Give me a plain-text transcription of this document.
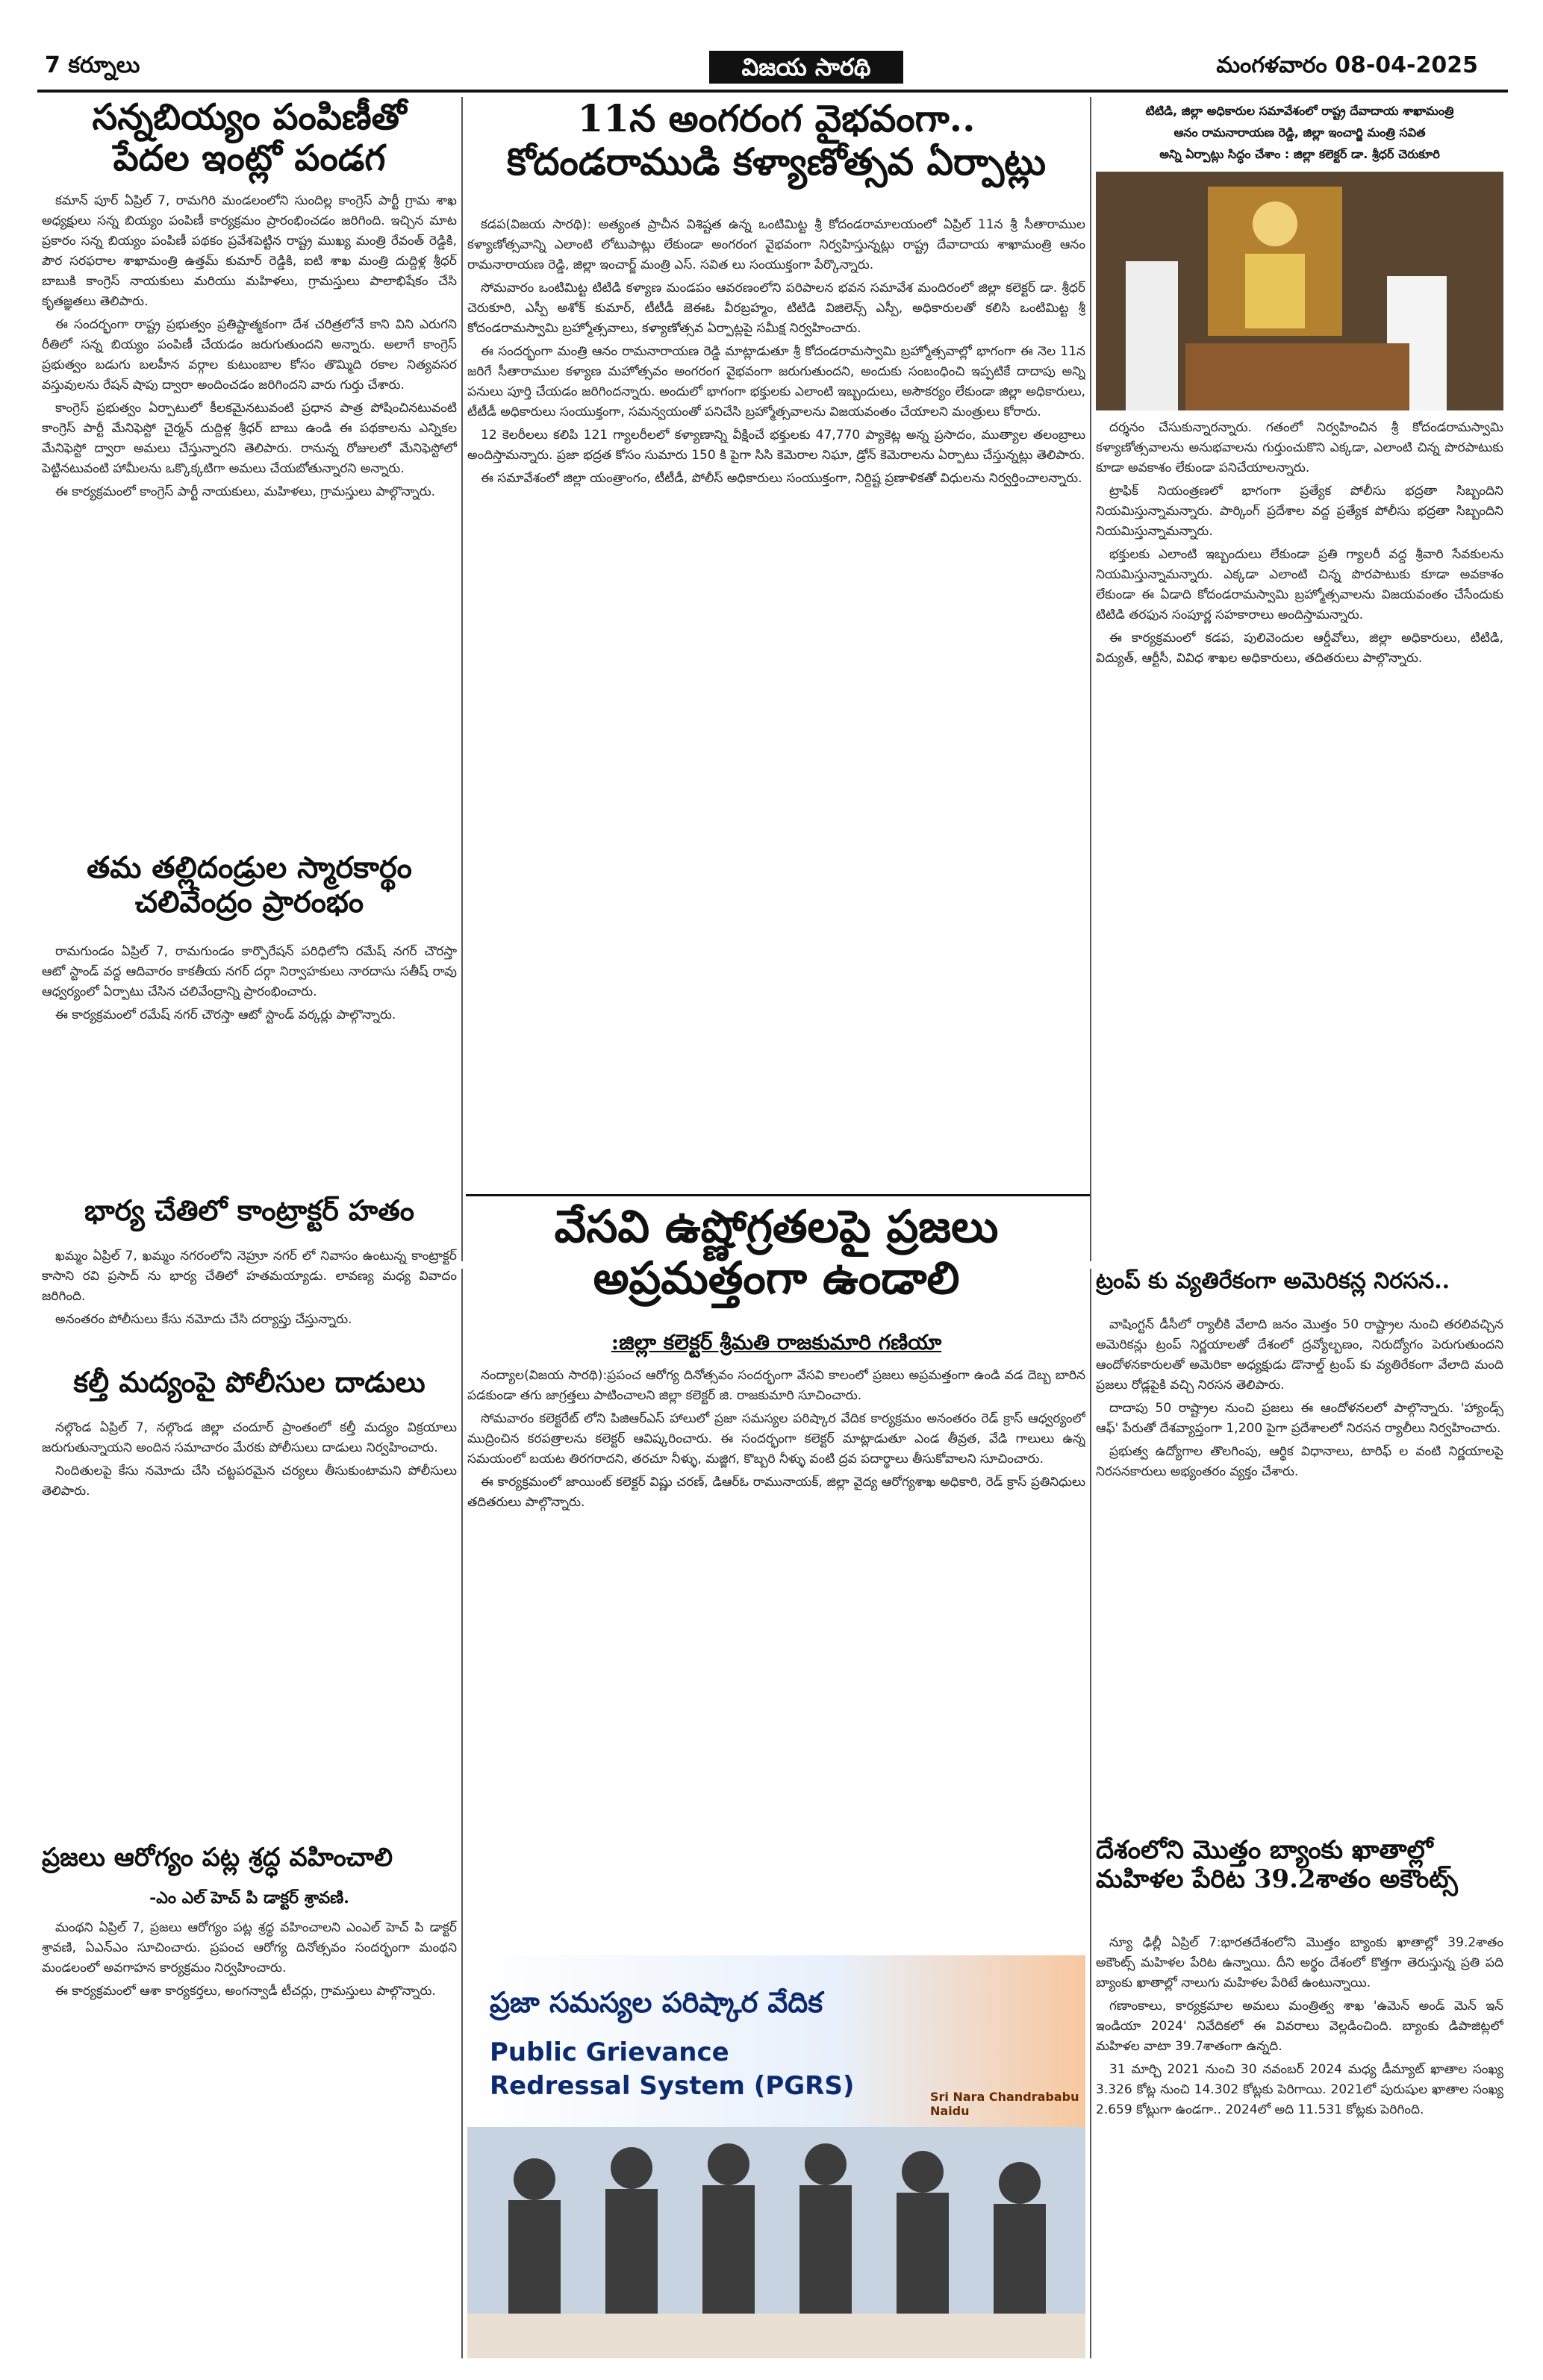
7 కర్నూలు	విజయ సారథి	మంగళవారం 08-04-2025
సన్నబియ్యం పంపిణీతో
పేదల ఇంట్లో పండగ

కమాన్ పూర్ ఏప్రిల్ 7, రామగిరి మండలంలోని సుందిల్ల కాంగ్రెస్ పార్టీ గ్రామ శాఖ అధ్యక్షులు సన్న బియ్యం పంపిణీ కార్యక్రమం ప్రారంభించడం జరిగింది. ఇచ్చిన మాట ప్రకారం సన్న బియ్యం పంపిణీ పథకం ప్రవేశపెట్టిన రాష్ట్ర ముఖ్య మంత్రి రేవంత్ రెడ్డికి, పౌర సరఫరాల శాఖామంత్రి ఉత్తమ్ కుమార్ రెడ్డికి, ఐటి శాఖ మంత్రి దుద్దిళ్ల శ్రీధర్ బాబుకి కాంగ్రెస్ నాయకులు మరియు మహిళలు, గ్రామస్తులు పాలాభిషేకం చేసి కృతజ్ఞతలు తెలిపారు.

ఈ సందర్భంగా రాష్ట్ర ప్రభుత్వం ప్రతిష్టాత్మకంగా దేశ చరిత్రలోనే కాని విని ఎరుగని రీతిలో సన్న బియ్యం పంపిణీ చేయడం జరుగుతుందని అన్నారు. అలాగే కాంగ్రెస్ ప్రభుత్వం బడుగు బలహీన వర్గాల కుటుంబాల కోసం తొమ్మిది రకాల నిత్యవసర వస్తువులను రేషన్ షాపు ద్వారా అందించడం జరిగిందని వారు గుర్తు చేశారు.

కాంగ్రెస్ ప్రభుత్వం ఏర్పాటులో కీలకమైనటువంటి ప్రధాన పాత్ర పోషించినటువంటి కాంగ్రెస్ పార్టీ మేనిఫెస్టో చైర్మన్ దుద్దిళ్ల శ్రీధర్ బాబు ఉండి ఈ పథకాలను ఎన్నికల మేనిఫెస్టో ద్వారా అమలు చేస్తున్నారని తెలిపారు. రానున్న రోజులలో మేనిఫెస్టోలో పెట్టినటువంటి హామీలను ఒక్కొక్కటిగా అమలు చేయబోతున్నారని అన్నారు.

ఈ కార్యక్రమంలో కాంగ్రెస్ పార్టీ నాయకులు, మహిళలు, గ్రామస్తులు పాల్గొన్నారు.

తమ తల్లిదండ్రుల స్మారకార్థం
చలివేంద్రం ప్రారంభం

రామగుండం ఏప్రిల్ 7, రామగుండం కార్పొరేషన్ పరిధిలోని రమేష్ నగర్ చౌరస్తా ఆటో స్టాండ్ వద్ద ఆదివారం కాకతీయ నగర్ దర్గా నిర్వాహకులు నారదాసు సతీష్ రావు ఆధ్వర్యంలో ఏర్పాటు చేసిన చలివేంద్రాన్ని ప్రారంభించారు.

ఈ కార్యక్రమంలో రమేష్ నగర్ చౌరస్తా ఆటో స్టాండ్ వర్కర్లు పాల్గొన్నారు.

భార్య చేతిలో కాంట్రాక్టర్ హతం

ఖమ్మం ఏప్రిల్ 7, ఖమ్మం నగరంలోని నెహ్రూ నగర్ లో నివాసం ఉంటున్న కాంట్రాక్టర్ కాసాని రవి ప్రసాద్ ను భార్య చేతిలో హతమయ్యాడు. లావణ్య మధ్య వివాదం జరిగింది.

అనంతరం పోలీసులు కేసు నమోదు చేసి దర్యాప్తు చేస్తున్నారు.

కల్తీ మద్యంపై పోలీసుల దాడులు

నల్గొండ ఏప్రిల్ 7, నల్గొండ జిల్లా చందూర్ ప్రాంతంలో కల్తీ మద్యం విక్రయాలు జరుగుతున్నాయని అందిన సమాచారం మేరకు పోలీసులు దాడులు నిర్వహించారు.

నిందితులపై కేసు నమోదు చేసి చట్టపరమైన చర్యలు తీసుకుంటామని పోలీసులు తెలిపారు.

ప్రజలు ఆరోగ్యం పట్ల శ్రద్ధ వహించాలి
-ఎం ఎల్ హెచ్ పి డాక్టర్ శ్రావణి.

మంథని ఏప్రిల్ 7, ప్రజలు ఆరోగ్యం పట్ల శ్రద్ధ వహించాలని ఎంఎల్ హెచ్ పి డాక్టర్ శ్రావణి, ఏఎన్ఎం సూచించారు. ప్రపంచ ఆరోగ్య దినోత్సవం సందర్భంగా మంథని మండలంలో అవగాహన కార్యక్రమం నిర్వహించారు.

ఈ కార్యక్రమంలో ఆశా కార్యకర్తలు, అంగన్వాడీ టీచర్లు, గ్రామస్తులు పాల్గొన్నారు.

11న అంగరంగ వైభవంగా..
కోదండరాముడి కళ్యాణోత్సవ ఏర్పాట్లు

కడప(విజయ సారథి): అత్యంత ప్రాచీన విశిష్టత ఉన్న ఒంటిమిట్ట శ్రీ కోదండరామాలయంలో ఏప్రిల్ 11న శ్రీ సీతారాముల కళ్యాణోత్సవాన్ని ఎలాంటి లోటుపాట్లు లేకుండా అంగరంగ వైభవంగా నిర్వహిస్తున్నట్లు రాష్ట్ర దేవాదాయ శాఖామంత్రి ఆనం రామనారాయణ రెడ్డి, జిల్లా ఇంచార్జ్ మంత్రి ఎస్. సవిత లు సంయుక్తంగా పేర్కొన్నారు.

సోమవారం ఒంటిమిట్ట టిటిడి కళ్యాణ మండపం ఆవరణంలోని పరిపాలన భవన సమావేశ మందిరంలో జిల్లా కలెక్టర్ డా. శ్రీధర్ చెరుకూరి, ఎస్పీ అశోక్ కుమార్, టీటీడీ జెఈఓ వీరబ్రహ్మం, టిటిడి విజిలెన్స్ ఎస్పీ, అధికారులతో కలిసి ఒంటిమిట్ట శ్రీ కోదండరామస్వామి బ్రహ్మోత్సవాలు, కళ్యాణోత్సవ ఏర్పాట్లపై సమీక్ష నిర్వహించారు.

ఈ సందర్భంగా మంత్రి ఆనం రామనారాయణ రెడ్డి మాట్లాడుతూ శ్రీ కోదండరామస్వామి బ్రహ్మోత్సవాల్లో భాగంగా ఈ నెల 11న జరిగే సీతారాముల కళ్యాణ మహోత్సవం అంగరంగ వైభవంగా జరుగుతుందని, అందుకు సంబంధించి ఇప్పటికే దాదాపు అన్ని పనులు పూర్తి చేయడం జరిగిందన్నారు. అందులో భాగంగా భక్తులకు ఎలాంటి ఇబ్బందులు, అసౌకర్యం లేకుండా జిల్లా అధికారులు, టీటీడీ అధికారులు సంయుక్తంగా, సమన్వయంతో పనిచేసి బ్రహ్మోత్సవాలను విజయవంతం చేయాలని మంత్రులు కోరారు.

12 కెలరీలలు కలిపి 121 గ్యాలరీలలో కళ్యాణాన్ని వీక్షించే భక్తులకు 47,770 ప్యాకెట్ల అన్న ప్రసాదం, ముత్యాల తలంబ్రాలు అందిస్తామన్నారు. ప్రజా భద్రత కోసం సుమారు 150 కి పైగా సిసి కెమెరాల నిఘా, డ్రోన్ కెమెరాలను ఏర్పాటు చేస్తున్నట్లు తెలిపారు.

ఈ సమావేశంలో జిల్లా యంత్రాంగం, టీటీడీ, పోలీస్ అధికారులు సంయుక్తంగా, నిర్దిష్ట ప్రణాళికతో విధులను నిర్వర్తించాలన్నారు.

టిటిడి, జిల్లా అధికారుల సమావేశంలో రాష్ట్ర దేవాదాయ శాఖామంత్రి
ఆనం రామనారాయణ రెడ్డి, జిల్లా ఇంచార్జి మంత్రి సవిత
అన్ని ఏర్పాట్లు సిద్ధం చేశాం : జిల్లా కలెక్టర్ డా. శ్రీధర్ చెరుకూరి

దర్శనం చేసుకున్నారన్నారు. గతంలో నిర్వహించిన శ్రీ కోదండరామస్వామి కళ్యాణోత్సవాలను అనుభవాలను గుర్తుంచుకొని ఎక్కడా, ఎలాంటి చిన్న పొరపాటుకు కూడా అవకాశం లేకుండా పనిచేయాలన్నారు.

ట్రాఫిక్ నియంత్రణలో భాగంగా ప్రత్యేక పోలీసు భద్రతా సిబ్బందిని నియమిస్తున్నామన్నారు. పార్కింగ్ ప్రదేశాల వద్ద ప్రత్యేక పోలీసు భద్రతా సిబ్బందిని నియమిస్తున్నామన్నారు.

భక్తులకు ఎలాంటి ఇబ్బందులు లేకుండా ప్రతి గ్యాలరీ వద్ద శ్రీవారి సేవకులను నియమిస్తున్నామన్నారు. ఎక్కడా ఎలాంటి చిన్న పొరపాటుకు కూడా అవకాశం లేకుండా ఈ ఏడాది కోదండరామస్వామి బ్రహ్మోత్సవాలను విజయవంతం చేసేందుకు టిటిడి తరఫున సంపూర్ణ సహకారాలు అందిస్తామన్నారు.

ఈ కార్యక్రమంలో కడప, పులివెందుల ఆర్డీవోలు, జిల్లా అధికారులు, టిటిడి, విద్యుత్, ఆర్టీసీ, వివిధ శాఖల అధికారులు, తదితరులు పాల్గొన్నారు.

వేసవి ఉష్ణోగ్రతలపై ప్రజలు
అప్రమత్తంగా ఉండాలి
:జిల్లా కలెక్టర్ శ్రీమతి రాజకుమారి గణియా

నంద్యాల(విజయ సారథి):ప్రపంచ ఆరోగ్య దినోత్సవం సందర్భంగా వేసవి కాలంలో ప్రజలు అప్రమత్తంగా ఉండి వడ దెబ్బ బారిన పడకుండా తగు జాగ్రత్తలు పాటించాలని జిల్లా కలెక్టర్ జి. రాజకుమారి సూచించారు.

సోమవారం కలెక్టరేట్ లోని పిజిఆర్ఎస్ హాలులో ప్రజా సమస్యల పరిష్కార వేదిక కార్యక్రమం అనంతరం రెడ్ క్రాస్ ఆధ్వర్యంలో ముద్రించిన కరపత్రాలను కలెక్టర్ ఆవిష్కరించారు. ఈ సందర్భంగా కలెక్టర్ మాట్లాడుతూ ఎండ తీవ్రత, వేడి గాలులు ఉన్న సమయంలో బయట తిరగరాదని, తరచూ నీళ్ళు, మజ్జిగ, కొబ్బరి నీళ్ళు వంటి ద్రవ పదార్థాలు తీసుకోవాలని సూచించారు.

ఈ కార్యక్రమంలో జాయింట్ కలెక్టర్ విష్ణు చరణ్, డిఆర్ఓ రామునాయక్, జిల్లా వైద్య ఆరోగ్యశాఖ అధికారి, రెడ్ క్రాస్ ప్రతినిధులు తదితరులు పాల్గొన్నారు.

ప్రజా సమస్యల పరిష్కార వేదిక
Public Grievance
Redressal System (PGRS)	Sri Nara Chandrababu Naidu
ట్రంప్ కు వ్యతిరేకంగా అమెరికన్ల నిరసన..

వాషింగ్టన్ డీసీలో ర్యాలీకి వేలాది జనం మొత్తం 50 రాష్ట్రాల నుంచి తరలివచ్చిన అమెరికన్లు ట్రంప్ నిర్ణయాలతో దేశంలో ద్రవ్యోల్బణం, నిరుద్యోగం పెరుగుతుందని ఆందోళనకారులతో అమెరికా అధ్యక్షుడు డొనాల్డ్ ట్రంప్ కు వ్యతిరేకంగా వేలాది మంది ప్రజలు రోడ్లపైకి వచ్చి నిరసన తెలిపారు.

దాదాపు 50 రాష్ట్రాల నుంచి ప్రజలు ఈ ఆందోళనలలో పాల్గొన్నారు. 'హ్యాండ్స్ ఆఫ్' పేరుతో దేశవ్యాప్తంగా 1,200 పైగా ప్రదేశాలలో నిరసన ర్యాలీలు నిర్వహించారు.

ప్రభుత్వ ఉద్యోగాల తొలగింపు, ఆర్థిక విధానాలు, టారిఫ్ ల వంటి నిర్ణయాలపై నిరసనకారులు అభ్యంతరం వ్యక్తం చేశారు.

దేశంలోని మొత్తం బ్యాంకు ఖాతాల్లో
మహిళల పేరిట 39.2శాతం అకౌంట్స్

న్యూ ఢిల్లీ ఏప్రిల్ 7:భారతదేశంలోని మొత్తం బ్యాంకు ఖాతాల్లో 39.2శాతం అకౌంట్స్ మహిళల పేరిట ఉన్నాయి. దీని అర్థం దేశంలో కొత్తగా తెరుస్తున్న ప్రతి పది బ్యాంకు ఖాతాల్లో నాలుగు మహిళల పేరిటే ఉంటున్నాయి.

గణాంకాలు, కార్యక్రమాల అమలు మంత్రిత్వ శాఖ 'ఉమెన్ అండ్ మెన్ ఇన్ ఇండియా 2024' నివేదికలో ఈ వివరాలు వెల్లడించింది. బ్యాంకు డిపాజిట్లలో మహిళల వాటా 39.7శాతంగా ఉన్నది.

31 మార్చి 2021 నుంచి 30 నవంబర్ 2024 మధ్య డీమ్యాట్ ఖాతాల సంఖ్య 3.326 కోట్ల నుంచి 14.302 కోట్లకు పెరిగాయి. 2021లో పురుషుల ఖాతాల సంఖ్య 2.659 కోట్లుగా ఉండగా.. 2024లో అది 11.531 కోట్లకు పెరిగింది.
